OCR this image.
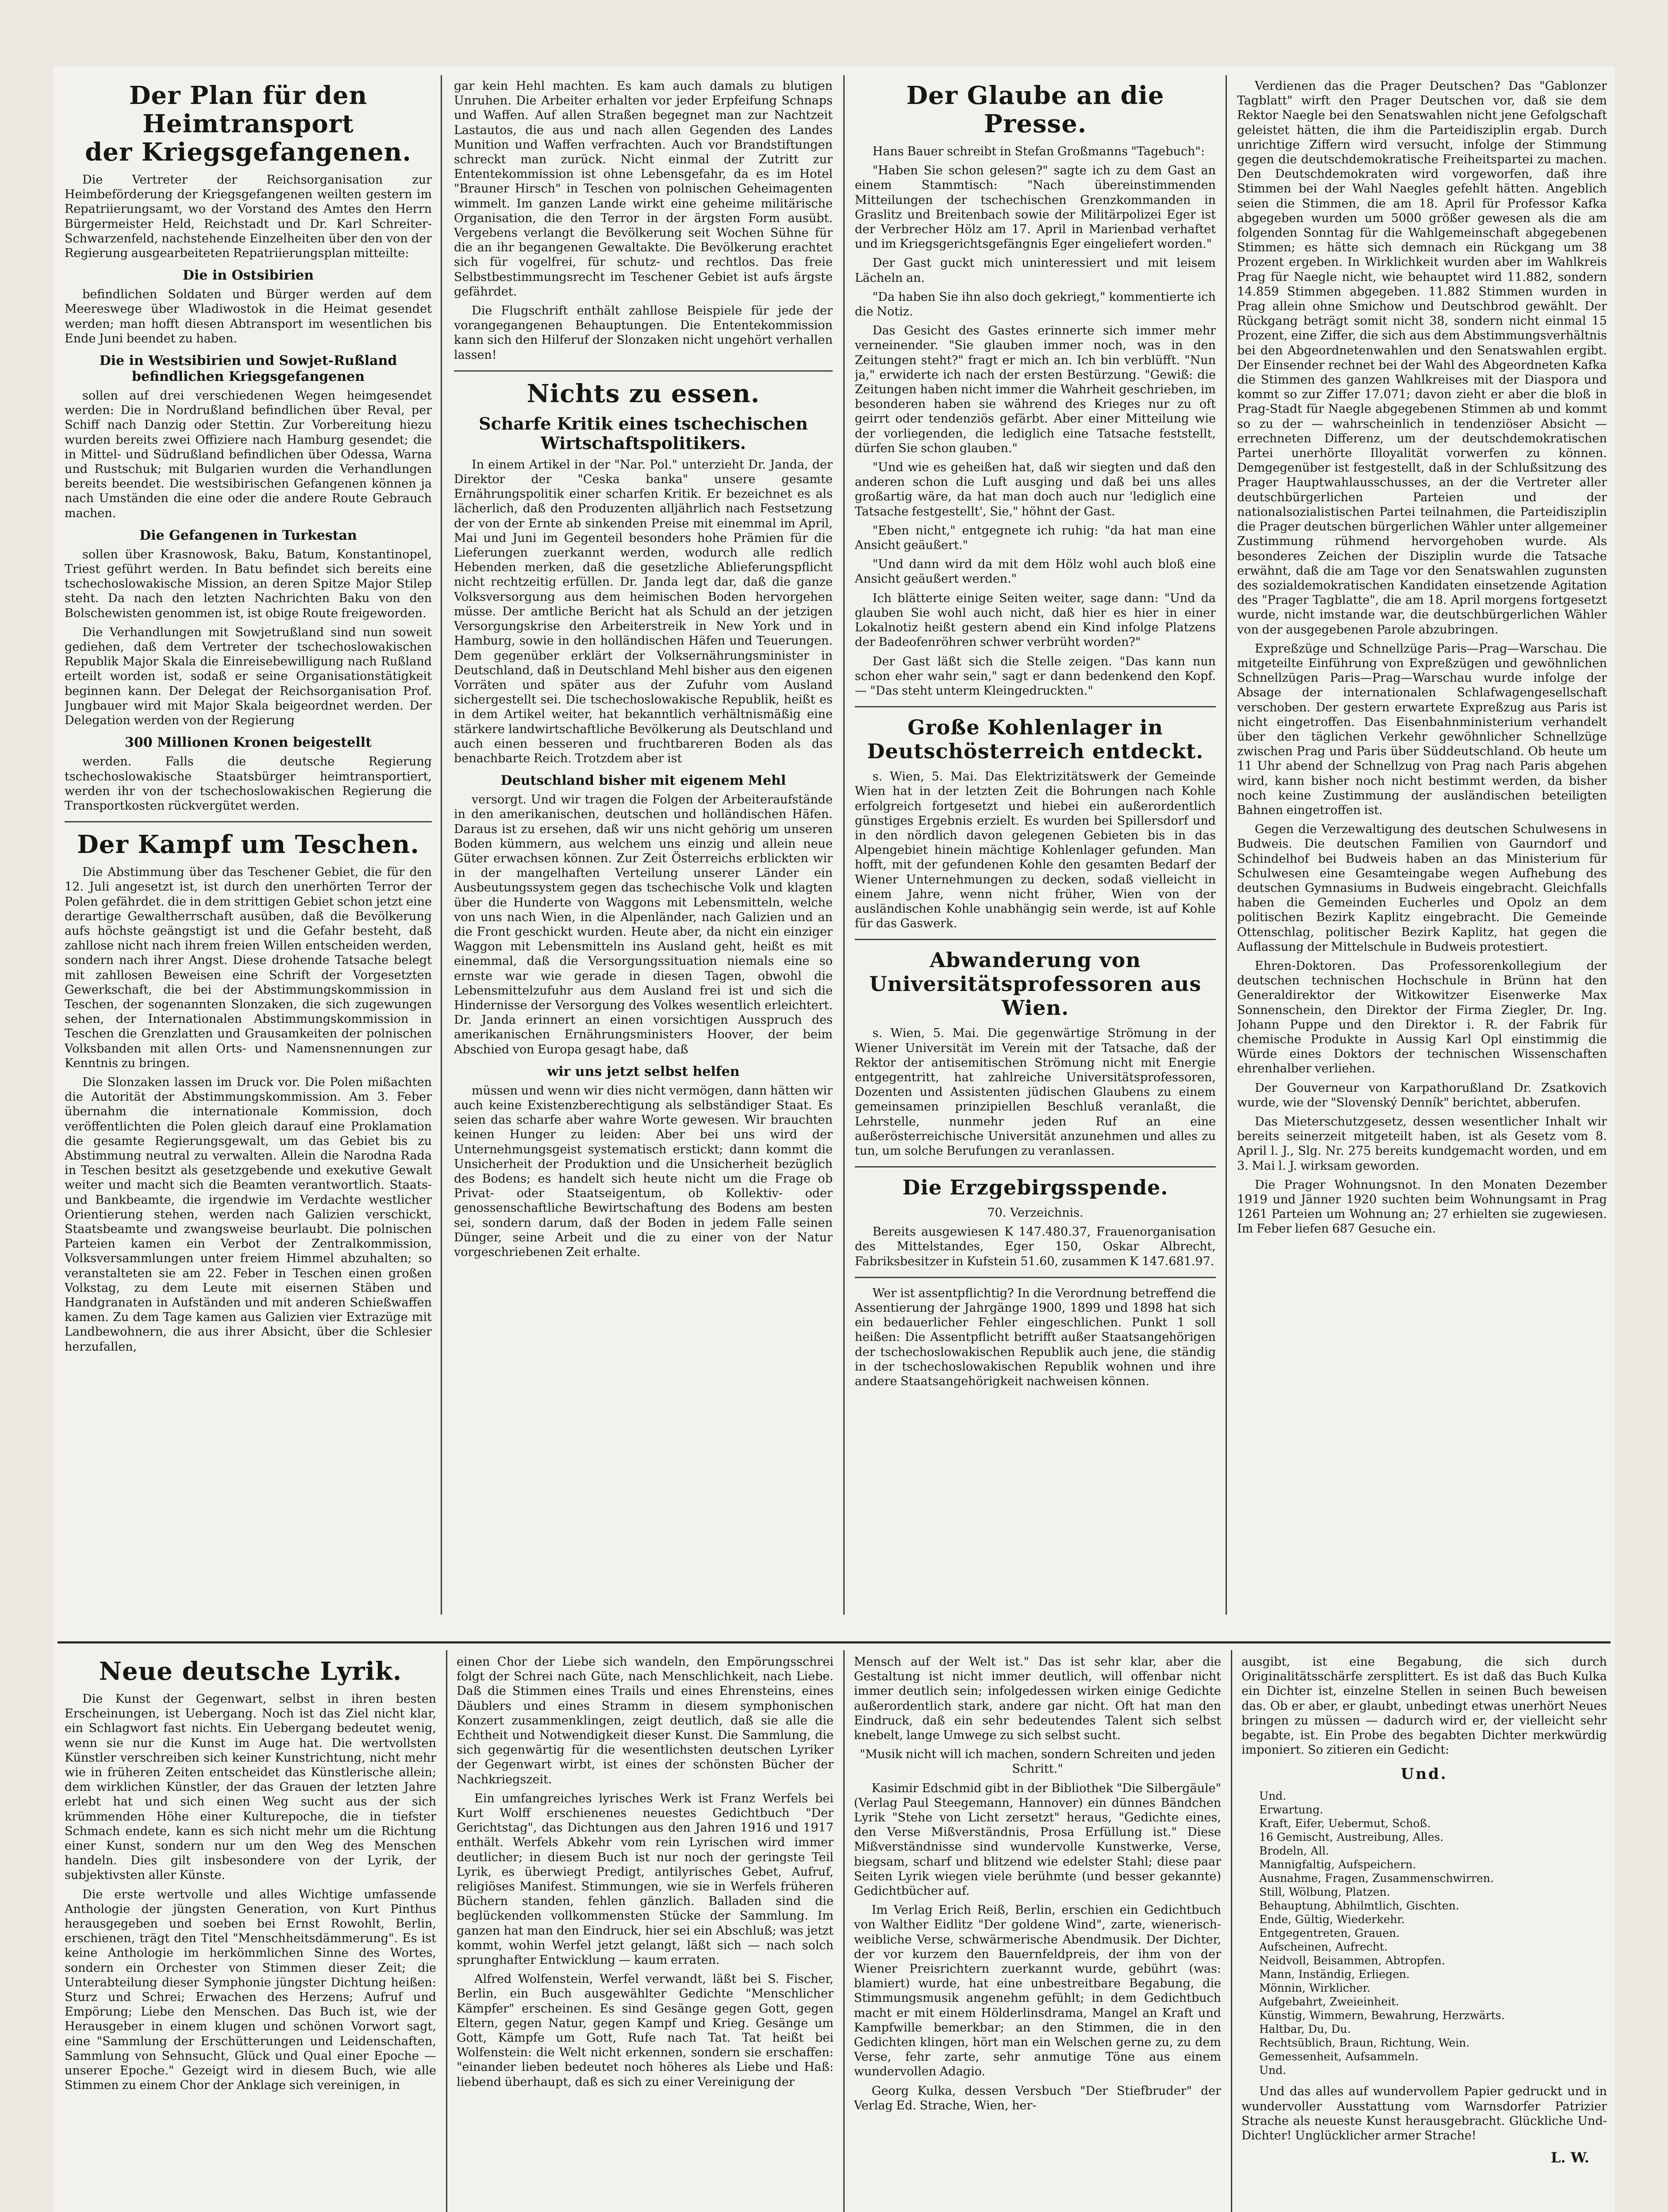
Der Plan für den Heimtransport
der Kriegsgefangenen.

Die Vertreter der Reichsorganisation zur Heimbeförderung der Kriegsgefangenen weilten gestern im Repatriierungsamt, wo der Vorstand des Amtes den Herrn Bürgermeister Held, Reichstadt und Dr. Karl Schreiter-Schwarzenfeld, nachstehende Einzelheiten über den von der Regierung ausgearbeiteten Repatriierungsplan mitteilte:

Die in Ostsibirien

befindlichen Soldaten und Bürger werden auf dem Meereswege über Wladiwostok in die Heimat gesendet werden; man hofft diesen Abtransport im wesentlichen bis Ende Juni beendet zu haben.

Die in Westsibirien und Sowjet-Rußland befindlichen Kriegsgefangenen

sollen auf drei verschiedenen Wegen heimgesendet werden: Die in Nordrußland befindlichen über Reval, per Schiff nach Danzig oder Stettin. Zur Vorbereitung hiezu wurden bereits zwei Offiziere nach Hamburg gesendet; die in Mittel- und Südrußland befindlichen über Odessa, Warna und Rustschuk; mit Bulgarien wurden die Verhandlungen bereits beendet. Die westsibirischen Gefangenen können ja nach Umständen die eine oder die andere Route Gebrauch machen.

Die Gefangenen in Turkestan

sollen über Krasnowosk, Baku, Batum, Konstantinopel, Triest geführt werden. In Batu befindet sich bereits eine tschechoslowakische Mission, an deren Spitze Major Stilep steht. Da nach den letzten Nachrichten Baku von den Bolschewisten genommen ist, ist obige Route freigeworden.

Die Verhandlungen mit Sowjetrußland sind nun soweit gediehen, daß dem Vertreter der tschechoslowakischen Republik Major Skala die Einreisebewilligung nach Rußland erteilt worden ist, sodaß er seine Organisationstätigkeit beginnen kann. Der Delegat der Reichsorganisation Prof. Jungbauer wird mit Major Skala beigeordnet werden. Der Delegation werden von der Regierung

300 Millionen Kronen beigestellt

werden. Falls die deutsche Regierung tschechoslowakische Staatsbürger heimtransportiert, werden ihr von der tschechoslowakischen Regierung die Transportkosten rückvergütet werden.

Der Kampf um Teschen.

Die Abstimmung über das Teschener Gebiet, die für den 12. Juli angesetzt ist, ist durch den unerhörten Terror der Polen gefährdet. die in dem strittigen Gebiet schon jetzt eine derartige Gewaltherrschaft ausüben, daß die Bevölkerung aufs höchste geängstigt ist und die Gefahr besteht, daß zahllose nicht nach ihrem freien Willen entscheiden werden, sondern nach ihrer Angst. Diese drohende Tatsache belegt mit zahllosen Beweisen eine Schrift der Vorgesetzten Gewerkschaft, die bei der Abstimmungskommission in Teschen, der sogenannten Slonzaken, die sich zugewungen sehen, der Internationalen Abstimmungskommission in Teschen die Grenzlatten und Grausamkeiten der polnischen Volksbanden mit allen Orts- und Namensnennungen zur Kenntnis zu bringen.

Die Slonzaken lassen im Druck vor. Die Polen mißachten die Autorität der Abstimmungskommission. Am 3. Feber übernahm die internationale Kommission, doch veröffentlichten die Polen gleich darauf eine Proklamation die gesamte Regierungsgewalt, um das Gebiet bis zu Abstimmung neutral zu verwalten. Allein die Narodna Rada in Teschen besitzt als gesetzgebende und exekutive Gewalt weiter und macht sich die Beamten verantwortlich. Staats- und Bankbeamte, die irgendwie im Verdachte westlicher Orientierung stehen, werden nach Galizien verschickt, Staatsbeamte und zwangsweise beurlaubt. Die polnischen Parteien kamen ein Verbot der Zentralkommission, Volksversammlungen unter freiem Himmel abzuhalten; so veranstalteten sie am 22. Feber in Teschen einen großen Volkstag, zu dem Leute mit eisernen Stäben und Handgranaten in Aufständen und mit anderen Schießwaffen kamen. Zu dem Tage kamen aus Galizien vier Extrazüge mit Landbewohnern, die aus ihrer Absicht, über die Schlesier herzufallen,

gar kein Hehl machten. Es kam auch damals zu blutigen Unruhen. Die Arbeiter erhalten vor jeder Erpfeifung Schnaps und Waffen. Auf allen Straßen begegnet man zur Nachtzeit Lastautos, die aus und nach allen Gegenden des Landes Munition und Waffen verfrachten. Auch vor Brandstiftungen schreckt man zurück. Nicht einmal der Zutritt zur Ententekommission ist ohne Lebensgefahr, da es im Hotel "Brauner Hirsch" in Teschen von polnischen Geheimagenten wimmelt. Im ganzen Lande wirkt eine geheime militärische Organisation, die den Terror in der ärgsten Form ausübt. Vergebens verlangt die Bevölkerung seit Wochen Sühne für die an ihr begangenen Gewaltakte. Die Bevölkerung erachtet sich für vogelfrei, für schutz- und rechtlos. Das freie Selbstbestimmungsrecht im Teschener Gebiet ist aufs ärgste gefährdet.

Die Flugschrift enthält zahllose Beispiele für jede der vorangegangenen Behauptungen. Die Ententekommission kann sich den Hilferuf der Slonzaken nicht ungehört verhallen lassen!

Nichts zu essen.
Scharfe Kritik eines tschechischen Wirtschaftspolitikers.

In einem Artikel in der "Nar. Pol." unterzieht Dr. Janda, der Direktor der "Ceska banka" unsere gesamte Ernährungspolitik einer scharfen Kritik. Er bezeichnet es als lächerlich, daß den Produzenten alljährlich nach Festsetzung der von der Ernte ab sinkenden Preise mit einemmal im April, Mai und Juni im Gegenteil besonders hohe Prämien für die Lieferungen zuerkannt werden, wodurch alle redlich Hebenden merken, daß die gesetzliche Ablieferungspflicht nicht rechtzeitig erfüllen. Dr. Janda legt dar, daß die ganze Volksversorgung aus dem heimischen Boden hervorgehen müsse. Der amtliche Bericht hat als Schuld an der jetzigen Versorgungskrise den Arbeiterstreik in New York und in Hamburg, sowie in den holländischen Häfen und Teuerungen. Dem gegenüber erklärt der Volksernährungsminister in Deutschland, daß in Deutschland Mehl bisher aus den eigenen Vorräten und später aus der Zufuhr vom Ausland sichergestellt sei. Die tschechoslowakische Republik, heißt es in dem Artikel weiter, hat bekanntlich verhältnismäßig eine stärkere landwirtschaftliche Bevölkerung als Deutschland und auch einen besseren und fruchtbareren Boden als das benachbarte Reich. Trotzdem aber ist

Deutschland bisher mit eigenem Mehl

versorgt. Und wir tragen die Folgen der Arbeiteraufstände in den amerikanischen, deutschen und holländischen Häfen. Daraus ist zu ersehen, daß wir uns nicht gehörig um unseren Boden kümmern, aus welchem uns einzig und allein neue Güter erwachsen können. Zur Zeit Österreichs erblickten wir in der mangelhaften Verteilung unserer Länder ein Ausbeutungssystem gegen das tschechische Volk und klagten über die Hunderte von Waggons mit Lebensmitteln, welche von uns nach Wien, in die Alpenländer, nach Galizien und an die Front geschickt wurden. Heute aber, da nicht ein einziger Waggon mit Lebensmitteln ins Ausland geht, heißt es mit einemmal, daß die Versorgungssituation niemals eine so ernste war wie gerade in diesen Tagen, obwohl die Lebensmittelzufuhr aus dem Ausland frei ist und sich die Hindernisse der Versorgung des Volkes wesentlich erleichtert. Dr. Janda erinnert an einen vorsichtigen Ausspruch des amerikanischen Ernährungsministers Hoover, der beim Abschied von Europa gesagt habe, daß

wir uns jetzt selbst helfen

müssen und wenn wir dies nicht vermögen, dann hätten wir auch keine Existenzberechtigung als selbständiger Staat. Es seien das scharfe aber wahre Worte gewesen. Wir brauchten keinen Hunger zu leiden: Aber bei uns wird der Unternehmungsgeist systematisch erstickt; dann kommt die Unsicherheit der Produktion und die Unsicherheit bezüglich des Bodens; es handelt sich heute nicht um die Frage ob Privat- oder Staatseigentum, ob Kollektiv- oder genossenschaftliche Bewirtschaftung des Bodens am besten sei, sondern darum, daß der Boden in jedem Falle seinen Dünger, seine Arbeit und die zu einer von der Natur vorgeschriebenen Zeit erhalte.

Der Glaube an die Presse.

Hans Bauer schreibt in Stefan Großmanns "Tagebuch":

"Haben Sie schon gelesen?" sagte ich zu dem Gast an einem Stammtisch: "Nach übereinstimmenden Mitteilungen der tschechischen Grenzkommanden in Graslitz und Breitenbach sowie der Militärpolizei Eger ist der Verbrecher Hölz am 17. April in Marienbad verhaftet und im Kriegsgerichtsgefängnis Eger eingeliefert worden."

Der Gast guckt mich uninteressiert und mit leisem Lächeln an.

"Da haben Sie ihn also doch gekriegt," kommentierte ich die Notiz.

Das Gesicht des Gastes erinnerte sich immer mehr verneinender. "Sie glauben immer noch, was in den Zeitungen steht?" fragt er mich an. Ich bin verblüfft. "Nun ja," erwiderte ich nach der ersten Bestürzung. "Gewiß: die Zeitungen haben nicht immer die Wahrheit geschrieben, im besonderen haben sie während des Krieges nur zu oft geirrt oder tendenziös gefärbt. Aber einer Mitteilung wie der vorliegenden, die lediglich eine Tatsache feststellt, dürfen Sie schon glauben."

"Und wie es geheißen hat, daß wir siegten und daß den anderen schon die Luft ausging und daß bei uns alles großartig wäre, da hat man doch auch nur 'lediglich eine Tatsache festgestellt', Sie," höhnt der Gast.

"Eben nicht," entgegnete ich ruhig: "da hat man eine Ansicht geäußert."

"Und dann wird da mit dem Hölz wohl auch bloß eine Ansicht geäußert werden."

Ich blätterte einige Seiten weiter, sage dann: "Und da glauben Sie wohl auch nicht, daß hier es hier in einer Lokalnotiz heißt gestern abend ein Kind infolge Platzens der Badeofenröhren schwer verbrüht worden?"

Der Gast läßt sich die Stelle zeigen. "Das kann nun schon eher wahr sein," sagt er dann bedenkend den Kopf. — "Das steht unterm Kleingedruckten."

Große Kohlenlager in Deutschösterreich entdeckt.

s. Wien, 5. Mai. Das Elektrizitätswerk der Gemeinde Wien hat in der letzten Zeit die Bohrungen nach Kohle erfolgreich fortgesetzt und hiebei ein außerordentlich günstiges Ergebnis erzielt. Es wurden bei Spillersdorf und in den nördlich davon gelegenen Gebieten bis in das Alpengebiet hinein mächtige Kohlenlager gefunden. Man hofft, mit der gefundenen Kohle den gesamten Bedarf der Wiener Unternehmungen zu decken, sodaß vielleicht in einem Jahre, wenn nicht früher, Wien von der ausländischen Kohle unabhängig sein werde, ist auf Kohle für das Gaswerk.

Abwanderung von Universitätsprofessoren aus Wien.

s. Wien, 5. Mai. Die gegenwärtige Strömung in der Wiener Universität im Verein mit der Tatsache, daß der Rektor der antisemitischen Strömung nicht mit Energie entgegentritt, hat zahlreiche Universitätsprofessoren, Dozenten und Assistenten jüdischen Glaubens zu einem gemeinsamen prinzipiellen Beschluß veranlaßt, die Lehrstelle, nunmehr jeden Ruf an eine außerösterreichische Universität anzunehmen und alles zu tun, um solche Berufungen zu veranlassen.

Die Erzgebirgsspende.
70. Verzeichnis.

Bereits ausgewiesen K 147.480.37, Frauenorganisation des Mittelstandes, Eger 150, Oskar Albrecht, Fabriksbesitzer in Kufstein 51.60, zusammen K 147.681.97.

Wer ist assentpflichtig? In die Verordnung betreffend die Assentierung der Jahrgänge 1900, 1899 und 1898 hat sich ein bedauerlicher Fehler eingeschlichen. Punkt 1 soll heißen: Die Assentpflicht betrifft außer Staatsangehörigen der tschechoslowakischen Republik auch jene, die ständig in der tschechoslowakischen Republik wohnen und ihre andere Staatsangehörigkeit nachweisen können.

Verdienen das die Prager Deutschen? Das "Gablonzer Tagblatt" wirft den Prager Deutschen vor, daß sie dem Rektor Naegle bei den Senatswahlen nicht jene Gefolgschaft geleistet hätten, die ihm die Parteidisziplin ergab. Durch unrichtige Ziffern wird versucht, infolge der Stimmung gegen die deutschdemokratische Freiheitspartei zu machen. Den Deutschdemokraten wird vorgeworfen, daß ihre Stimmen bei der Wahl Naegles gefehlt hätten. Angeblich seien die Stimmen, die am 18. April für Professor Kafka abgegeben wurden um 5000 größer gewesen als die am folgenden Sonntag für die Wahlgemeinschaft abgegebenen Stimmen; es hätte sich demnach ein Rückgang um 38 Prozent ergeben. In Wirklichkeit wurden aber im Wahlkreis Prag für Naegle nicht, wie behauptet wird 11.882, sondern 14.859 Stimmen abgegeben. 11.882 Stimmen wurden in Prag allein ohne Smichow und Deutschbrod gewählt. Der Rückgang beträgt somit nicht 38, sondern nicht einmal 15 Prozent, eine Ziffer, die sich aus dem Abstimmungsverhältnis bei den Abgeordnetenwahlen und den Senatswahlen ergibt. Der Einsender rechnet bei der Wahl des Abgeordneten Kafka die Stimmen des ganzen Wahlkreises mit der Diaspora und kommt so zur Ziffer 17.071; davon zieht er aber die bloß in Prag-Stadt für Naegle abgegebenen Stimmen ab und kommt so zu der — wahrscheinlich in tendenziöser Absicht — errechneten Differenz, um der deutschdemokratischen Partei unerhörte Illoyalität vorwerfen zu können. Demgegenüber ist festgestellt, daß in der Schlußsitzung des Prager Hauptwahlausschusses, an der die Vertreter aller deutschbürgerlichen Parteien und der nationalsozialistischen Partei teilnahmen, die Parteidisziplin die Prager deutschen bürgerlichen Wähler unter allgemeiner Zustimmung rühmend hervorgehoben wurde. Als besonderes Zeichen der Disziplin wurde die Tatsache erwähnt, daß die am Tage vor den Senatswahlen zugunsten des sozialdemokratischen Kandidaten einsetzende Agitation des "Prager Tagblatte", die am 18. April morgens fortgesetzt wurde, nicht imstande war, die deutschbürgerlichen Wähler von der ausgegebenen Parole abzubringen.

Expreßzüge und Schnellzüge Paris—Prag—Warschau. Die mitgeteilte Einführung von Expreßzügen und gewöhnlichen Schnellzügen Paris—Prag—Warschau wurde infolge der Absage der internationalen Schlafwagengesellschaft verschoben. Der gestern erwartete Expreßzug aus Paris ist nicht eingetroffen. Das Eisenbahnministerium verhandelt über den täglichen Verkehr gewöhnlicher Schnellzüge zwischen Prag und Paris über Süddeutschland. Ob heute um 11 Uhr abend der Schnellzug von Prag nach Paris abgehen wird, kann bisher noch nicht bestimmt werden, da bisher noch keine Zustimmung der ausländischen beteiligten Bahnen eingetroffen ist.

Gegen die Verzewaltigung des deutschen Schulwesens in Budweis. Die deutschen Familien von Gaurndorf und Schindelhof bei Budweis haben an das Ministerium für Schulwesen eine Gesamteingabe wegen Aufhebung des deutschen Gymnasiums in Budweis eingebracht. Gleichfalls haben die Gemeinden Eucherles und Opolz an dem politischen Bezirk Kaplitz eingebracht. Die Gemeinde Ottenschlag, politischer Bezirk Kaplitz, hat gegen die Auflassung der Mittelschule in Budweis protestiert.

Ehren-Doktoren. Das Professorenkollegium der deutschen technischen Hochschule in Brünn hat den Generaldirektor der Witkowitzer Eisenwerke Max Sonnenschein, den Direktor der Firma Ziegler, Dr. Ing. Johann Puppe und den Direktor i. R. der Fabrik für chemische Produkte in Aussig Karl Opl einstimmig die Würde eines Doktors der technischen Wissenschaften ehrenhalber verliehen.

Der Gouverneur von Karpathorußland Dr. Zsatkovich wurde, wie der "Slovenský Denník" berichtet, abberufen.

Das Mieterschutzgesetz, dessen wesentlicher Inhalt wir bereits seinerzeit mitgeteilt haben, ist als Gesetz vom 8. April l. J., Slg. Nr. 275 bereits kundgemacht worden, und em 3. Mai l. J. wirksam geworden.

Die Prager Wohnungsnot. In den Monaten Dezember 1919 und Jänner 1920 suchten beim Wohnungsamt in Prag 1261 Parteien um Wohnung an; 27 erhielten sie zugewiesen. Im Feber liefen 687 Gesuche ein.

Neue deutsche Lyrik.

Die Kunst der Gegenwart, selbst in ihren besten Erscheinungen, ist Uebergang. Noch ist das Ziel nicht klar, ein Schlagwort fast nichts. Ein Uebergang bedeutet wenig, wenn sie nur die Kunst im Auge hat. Die wertvollsten Künstler verschreiben sich keiner Kunstrichtung, nicht mehr wie in früheren Zeiten entscheidet das Künstlerische allein; dem wirklichen Künstler, der das Grauen der letzten Jahre erlebt hat und sich einen Weg sucht aus der sich krümmenden Höhe einer Kulturepoche, die in tiefster Schmach endete, kann es sich nicht mehr um die Richtung einer Kunst, sondern nur um den Weg des Menschen handeln. Dies gilt insbesondere von der Lyrik, der subjektivsten aller Künste.

Die erste wertvolle und alles Wichtige umfassende Anthologie der jüngsten Generation, von Kurt Pinthus herausgegeben und soeben bei Ernst Rowohlt, Berlin, erschienen, trägt den Titel "Menschheitsdämmerung". Es ist keine Anthologie im herkömmlichen Sinne des Wortes, sondern ein Orchester von Stimmen dieser Zeit; die Unterabteilung dieser Symphonie jüngster Dichtung heißen: Sturz und Schrei; Erwachen des Herzens; Aufruf und Empörung; Liebe den Menschen. Das Buch ist, wie der Herausgeber in einem klugen und schönen Vorwort sagt, eine "Sammlung der Erschütterungen und Leidenschaften, Sammlung von Sehnsucht, Glück und Qual einer Epoche — unserer Epoche." Gezeigt wird in diesem Buch, wie alle Stimmen zu einem Chor der Anklage sich vereinigen, in

einen Chor der Liebe sich wandeln, den Empörungsschrei folgt der Schrei nach Güte, nach Menschlichkeit, nach Liebe. Daß die Stimmen eines Trails und eines Ehrensteins, eines Däublers und eines Stramm in diesem symphonischen Konzert zusammenklingen, zeigt deutlich, daß sie alle die Echtheit und Notwendigkeit dieser Kunst. Die Sammlung, die sich gegenwärtig für die wesentlichsten deutschen Lyriker der Gegenwart wirbt, ist eines der schönsten Bücher der Nachkriegszeit.

Ein umfangreiches lyrisches Werk ist Franz Werfels bei Kurt Wolff erschienenes neuestes Gedichtbuch "Der Gerichtstag", das Dichtungen aus den Jahren 1916 und 1917 enthält. Werfels Abkehr vom rein Lyrischen wird immer deutlicher; in diesem Buch ist nur noch der geringste Teil Lyrik, es überwiegt Predigt, antilyrisches Gebet, Aufruf, religiöses Manifest. Stimmungen, wie sie in Werfels früheren Büchern standen, fehlen gänzlich. Balladen sind die beglückenden vollkommensten Stücke der Sammlung. Im ganzen hat man den Eindruck, hier sei ein Abschluß; was jetzt kommt, wohin Werfel jetzt gelangt, läßt sich — nach solch sprunghafter Entwicklung — kaum erraten.

Alfred Wolfenstein, Werfel verwandt, läßt bei S. Fischer, Berlin, ein Buch ausgewählter Gedichte "Menschlicher Kämpfer" erscheinen. Es sind Gesänge gegen Gott, gegen Eltern, gegen Natur, gegen Kampf und Krieg. Gesänge um Gott, Kämpfe um Gott, Rufe nach Tat. Tat heißt bei Wolfenstein: die Welt nicht erkennen, sondern sie erschaffen: "einander lieben bedeutet noch höheres als Liebe und Haß: liebend überhaupt, daß es sich zu einer Vereinigung der

Mensch auf der Welt ist." Das ist sehr klar, aber die Gestaltung ist nicht immer deutlich, will offenbar nicht immer deutlich sein; infolgedessen wirken einige Gedichte außerordentlich stark, andere gar nicht. Oft hat man den Eindruck, daß ein sehr bedeutendes Talent sich selbst knebelt, lange Umwege zu sich selbst sucht.

"Musik nicht will ich machen, sondern Schreiten und jeden Schritt."

Kasimir Edschmid gibt in der Bibliothek "Die Silbergäule" (Verlag Paul Steegemann, Hannover) ein dünnes Bändchen Lyrik "Stehe von Licht zersetzt" heraus, "Gedichte eines, den Verse Mißverständnis, Prosa Erfüllung ist." Diese Mißverständnisse sind wundervolle Kunstwerke, Verse, biegsam, scharf und blitzend wie edelster Stahl; diese paar Seiten Lyrik wiegen viele berühmte (und besser gekannte) Gedichtbücher auf.

Im Verlag Erich Reiß, Berlin, erschien ein Gedichtbuch von Walther Eidlitz "Der goldene Wind", zarte, wienerisch-weibliche Verse, schwärmerische Abendmusik. Der Dichter, der vor kurzem den Bauernfeldpreis, der ihm von der Wiener Preisrichtern zuerkannt wurde, gebührt (was: blamiert) wurde, hat eine unbestreitbare Begabung, die Stimmungsmusik angenehm gefühlt; in dem Gedichtbuch macht er mit einem Hölderlinsdrama, Mangel an Kraft und Kampfwille bemerkbar; an den Stimmen, die in den Gedichten klingen, hört man ein Welschen gerne zu, zu dem Verse, fehr zarte, sehr anmutige Töne aus einem wundervollen Adagio.

Georg Kulka, dessen Versbuch "Der Stiefbruder" der Verlag Ed. Strache, Wien, her-

ausgibt, ist eine Begabung, die sich durch Originalitätsschärfe zersplittert. Es ist daß das Buch Kulka ein Dichter ist, einzelne Stellen in seinen Buch beweisen das. Ob er aber, er glaubt, unbedingt etwas unerhört Neues bringen zu müssen — dadurch wird er, der vielleicht sehr begabte, ist. Ein Probe des begabten Dichter merkwürdig imponiert. So zitieren ein Gedicht:

Und.
Und.
Erwartung.
Kraft, Eifer, Uebermut, Schoß.
16 Gemischt, Austreibung, Alles.
Brodeln, All.
Mannigfaltig, Aufspeichern.
Ausnahme, Fragen, Zusammenschwirren.
Still, Wölbung, Platzen.
Behauptung, Abhilmtlich, Gischten.
Ende, Gültig, Wiederkehr.
Entgegentreten, Grauen.
Aufscheinen, Aufrecht.
Neidvoll, Beisammen, Abtropfen.
Mann, Inständig, Erliegen.
Mönnin, Wirklicher.
Aufgebahrt, Zweieinheit.
Künstig, Wimmern, Bewahrung, Herzwärts.
Haltbar, Du, Du.
Rechtsüblich, Braun, Richtung, Wein.
Gemessenheit, Aufsammeln.
Und.

Und das alles auf wundervollem Papier gedruckt und in wundervoller Ausstattung vom Warnsdorfer Patrizier Strache als neueste Kunst herausgebracht. Glückliche Und-Dichter! Unglücklicher armer Strache!

L. W.
